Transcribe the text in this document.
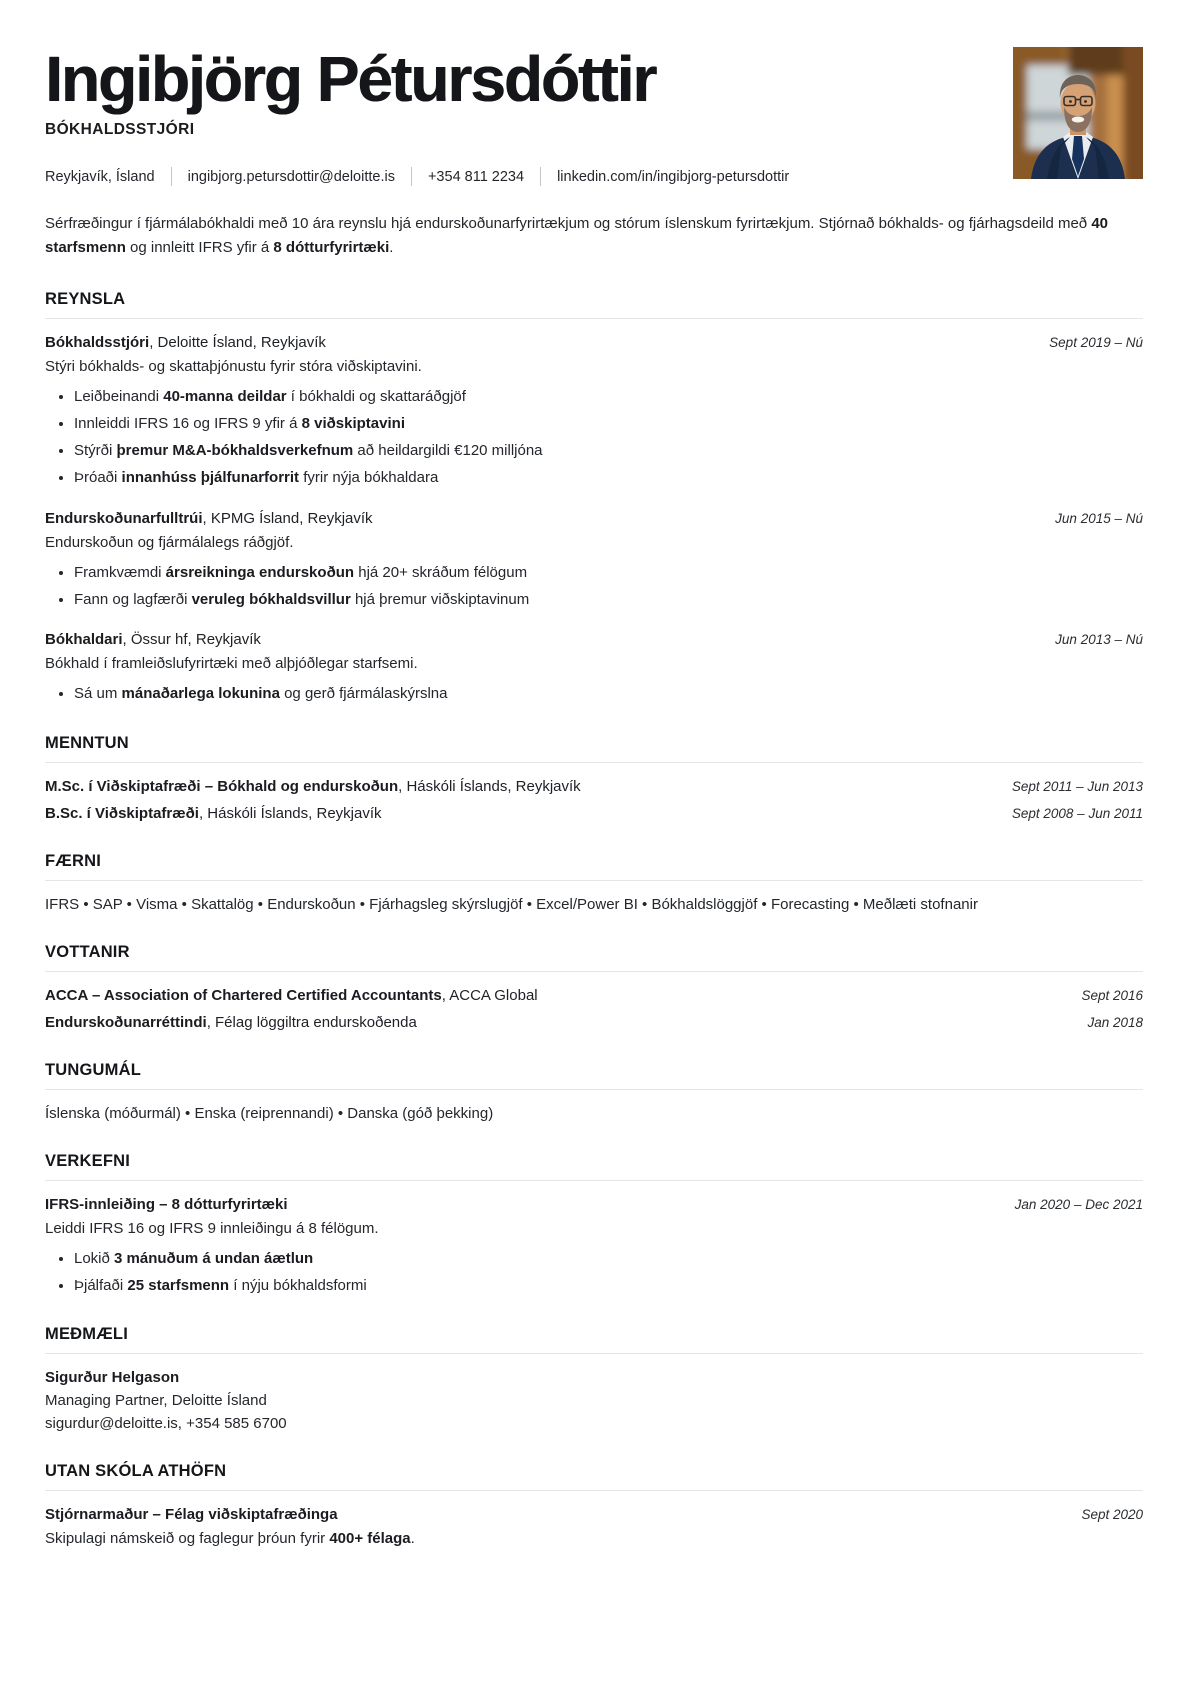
Ingibjörg Pétursdóttir
BÓKHALDSSTJÓRI
Reykjavík, Ísland ingibjorg.petursdottir@deloitte.is +354 811 2234 linkedin.com/in/ingibjorg-petursdottir

Sérfræðingur í fjármálabókhaldi með 10 ára reynslu hjá endurskoðunarfyrirtækjum og stórum íslenskum fyrirtækjum. Stjórnað bókhalds- og fjárhagsdeild með 40 starfsmenn og innleitt IFRS yfir á 8 dótturfyrirtæki.

REYNSLA
Bókhaldsstjóri, Deloitte Ísland, Reykjavík	Sept 2019 – Nú
Stýri bókhalds- og skattaþjónustu fyrir stóra viðskiptavini.
• Leiðbeinandi 40-manna deildar í bókhaldi og skattaráðgjöf
• Innleiddi IFRS 16 og IFRS 9 yfir á 8 viðskiptavini
• Stýrði þremur M&A-bókhaldsverkefnum að heildargildi €120 milljóna
• Þróaði innanhúss þjálfunarforrit fyrir nýja bókhaldara
Endurskoðunarfulltrúi, KPMG Ísland, Reykjavík	Jun 2015 – Nú
Endurskoðun og fjármálalegs ráðgjöf.
• Framkvæmdi ársreikninga endurskoðun hjá 20+ skráðum félögum
• Fann og lagfærði veruleg bókhaldsvillur hjá þremur viðskiptavinum
Bókhaldari, Össur hf, Reykjavík	Jun 2013 – Nú
Bókhald í framleiðslufyrirtæki með alþjóðlegar starfsemi.
• Sá um mánaðarlega lokunina og gerð fjármálaskýrslna
MENNTUN
M.Sc. í Viðskiptafræði – Bókhald og endurskoðun, Háskóli Íslands, Reykjavík	Sept 2011 – Jun 2013
B.Sc. í Viðskiptafræði, Háskóli Íslands, Reykjavík	Sept 2008 – Jun 2011
FÆRNI
IFRS • SAP • Visma • Skattalög • Endurskoðun • Fjárhagsleg skýrslugjöf • Excel/Power BI • Bókhaldslöggjöf • Forecasting • Meðlæti stofnanir
VOTTANIR
ACCA – Association of Chartered Certified Accountants, ACCA Global	Sept 2016
Endurskoðunarréttindi, Félag löggiltra endurskoðenda	Jan 2018
TUNGUMÁL
Íslenska (móðurmál) • Enska (reiprennandi) • Danska (góð þekking)
VERKEFNI
IFRS-innleiðing – 8 dótturfyrirtæki	Jan 2020 – Dec 2021
Leiddi IFRS 16 og IFRS 9 innleiðingu á 8 félögum.
• Lokið 3 mánuðum á undan áætlun
• Þjálfaði 25 starfsmenn í nýju bókhaldsformi
MEÐMÆLI
Sigurður Helgason
Managing Partner, Deloitte Ísland
sigurdur@deloitte.is, +354 585 6700
UTAN SKÓLA ATHÖFN
Stjórnarmaður – Félag viðskiptafræðinga	Sept 2020
Skipulagi námskeið og faglegur þróun fyrir 400+ félaga.
